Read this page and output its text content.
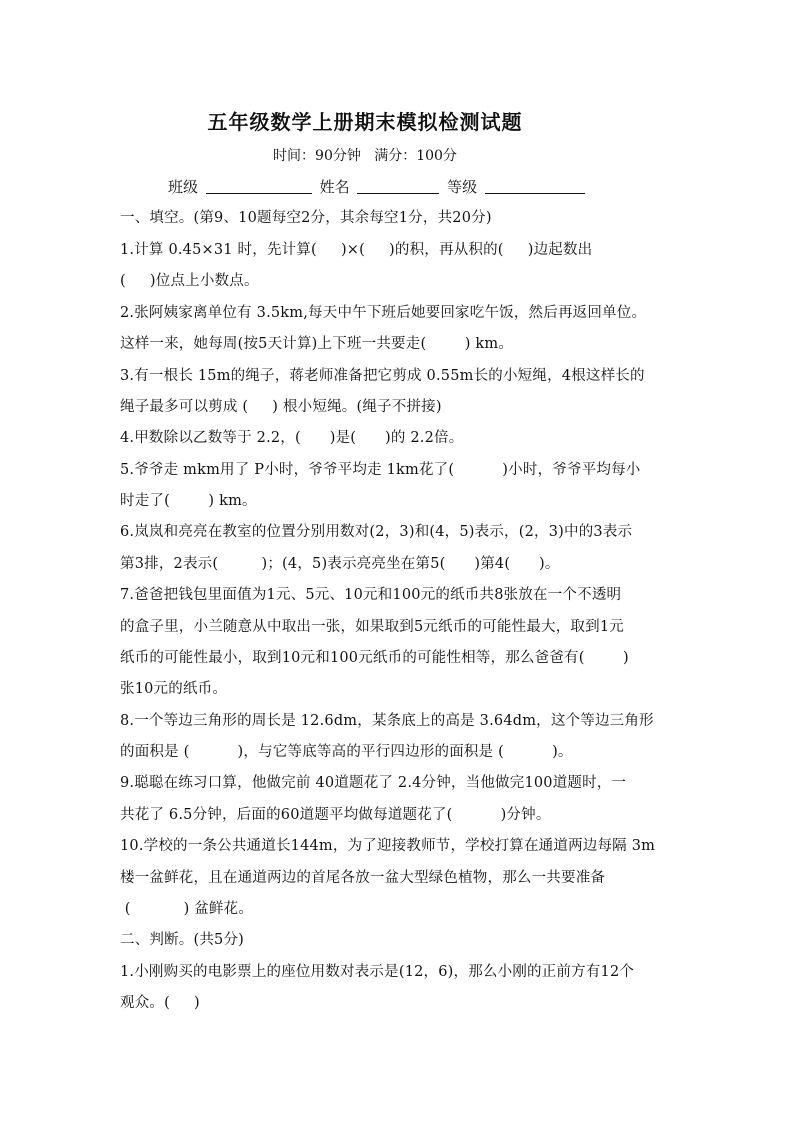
五年级数学上册期末模拟检测试题
时间：90分钟   满分：100分
班级	姓名	等级
一、填空。(第9、10题每空2分，其余每空1分，共20分)
1.计算 0.45×31 时，先计算(     )×(     )的积，再从积的(     )边起数出
(     )位点上小数点。
2.张阿姨家离单位有 3.5km,每天中午下班后她要回家吃午饭，然后再返回单位。
这样一来，她每周(按5天计算)上下班一共要走(        ) km。
3.有一根长 15m的绳子，蒋老师准备把它剪成 0.55m长的小短绳，4根这样长的
绳子最多可以剪成 (     ) 根小短绳。(绳子不拼接)
4.甲数除以乙数等于 2.2，(      )是(      )的 2.2倍。
5.爷爷走 mkm用了 P小时，爷爷平均走 1km花了(          )小时，爷爷平均每小
时走了(        ) km。
6.岚岚和亮亮在教室的位置分别用数对(2，3)和(4，5)表示，(2，3)中的3表示
第3排，2表示(         )；(4，5)表示亮亮坐在第5(      )第4(      )。
7.爸爸把钱包里面值为1元、5元、10元和100元的纸币共8张放在一个不透明
的盒子里，小兰随意从中取出一张，如果取到5元纸币的可能性最大，取到1元
纸币的可能性最小，取到10元和100元纸币的可能性相等，那么爸爸有(        )
张10元的纸币。
8.一个等边三角形的周长是 12.6dm，某条底上的高是 3.64dm，这个等边三角形
的面积是 (          )，与它等底等高的平行四边形的面积是 (          )。
9.聪聪在练习口算，他做完前 40道题花了 2.4分钟，当他做完100道题时，一
共花了 6.5分钟，后面的60道题平均做每道题花了(          )分钟。
10.学校的一条公共通道长144m，为了迎接教师节，学校打算在通道两边每隔 3m
楼一盆鲜花，且在通道两边的首尾各放一盆大型绿色植物，那么一共要准备
(           ) 盆鲜花。
二、判断。(共5分)
1.小刚购买的电影票上的座位用数对表示是(12，6)，那么小刚的正前方有12个
观众。(     )
